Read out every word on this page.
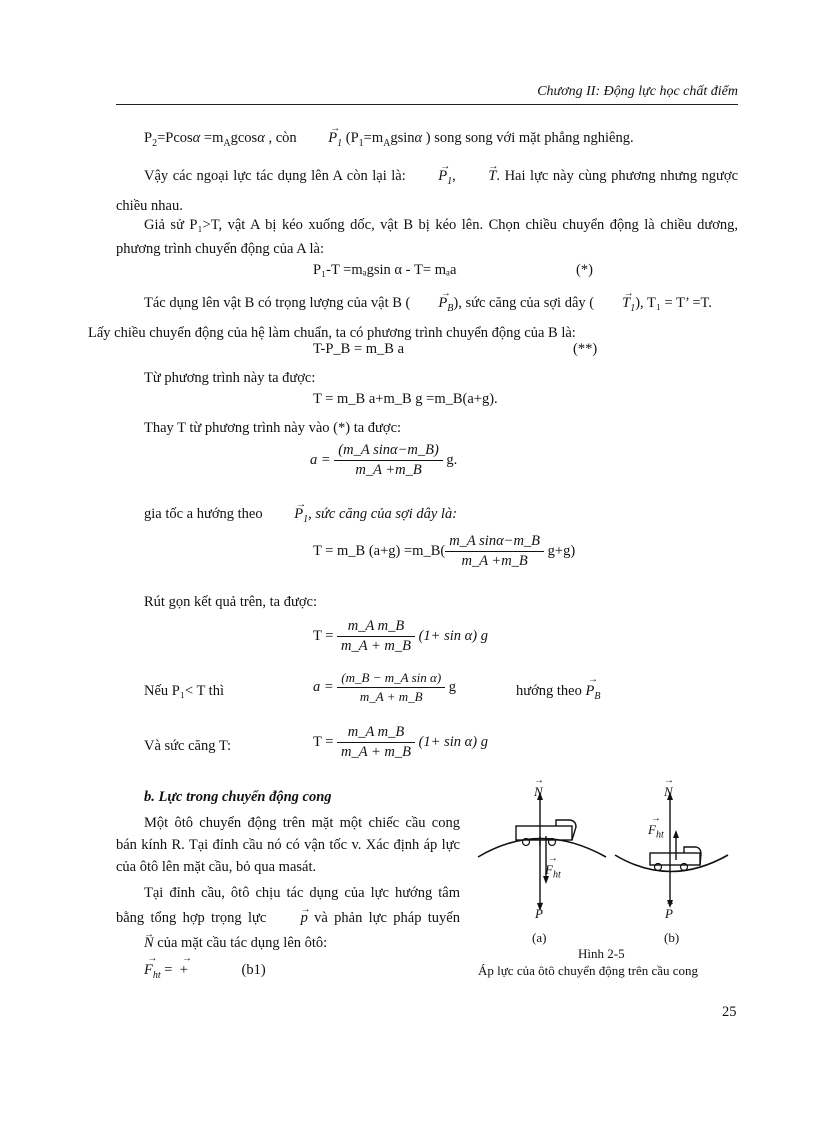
Chương II: Động lực học chất điểm
$P_2=Pcos\alpha =m_Agcos\alpha$ , còn → $P_1$ ($P_1=m_Agsin\alpha$ ) song song với mặt phẳng nghiêng.
Vậy các ngoại lực tác dụng lên A còn lại là: → $P_1$, → T. Hai lực này cùng phương nhưng ngược chiều nhau.
Giả sử P₁>T, vật A bị kéo xuống dốc, vật B bị kéo lên. Chọn chiều chuyển động là chiều dương, phương trình chuyển động của A là:
P₁-T =mₐgsin α - T= mₐa	(*)
Tác dụng lên vật B có trọng lượng của vật B ( → $P_B$), sức căng của sợi dây ( → $T_1$), T₁ = T’ =T.
Lấy chiều chuyển động của hệ làm chuẩn, ta có phương trình chuyển động của B là:
T-P_B = m_B a	(**)
Từ phương trình này ta được:
T = m_B a+m_B g =m_B(a+g).
Thay T từ phương trình này vào (*) ta được:
$a = \frac{\text{(m\_A sinα−m\_B)}}{m\_A +m\_B} g$.
gia tốc a hướng theo → $P_1$, sức căng của sợi dây là:
T = m_B (a+g) =m_B( $\frac{\text{m\_A sinα−m\_B}}{m\_A +m\_B} g+g$)
Rút gọn kết quả trên, ta được:
$T = \frac{\text{m\_A m\_B}}{m\_A + m\_B} (1+ \sin \alpha)$ g
Nếu P₁< T thì	$a = \frac{\text{(m\_B − m\_A sin α)}}{m\_A + m\_B}$ g	hướng theo → $P_B$
Và sức căng T:	$T = \frac{\text{m\_A m\_B}}{m\_A + m\_B} (1+ \sin \alpha)$ g
b. Lực trong chuyển động cong
Một ôtô chuyển động trên mặt một chiếc cầu cong bán kính R. Tại đỉnh cầu nó có vận tốc v. Xác định áp lực của ôtô lên mặt cầu, bỏ qua masát.
Tại đỉnh cầu, ôtô chịu tác dụng của lực hướng tâm bằng tổng hợp trọng lực → p và phản lực pháp tuyến → N của mặt cầu tác dụng lên ôtô:
→ $F_{ht}$ =  +	(b1)
→ N	→ N
→ $F_{ht}$
→ $F_{ht}$
→ P	→ P
(a)	(b)
Hình 2-5
Áp lực của ôtô chuyển động trên cầu cong
25
